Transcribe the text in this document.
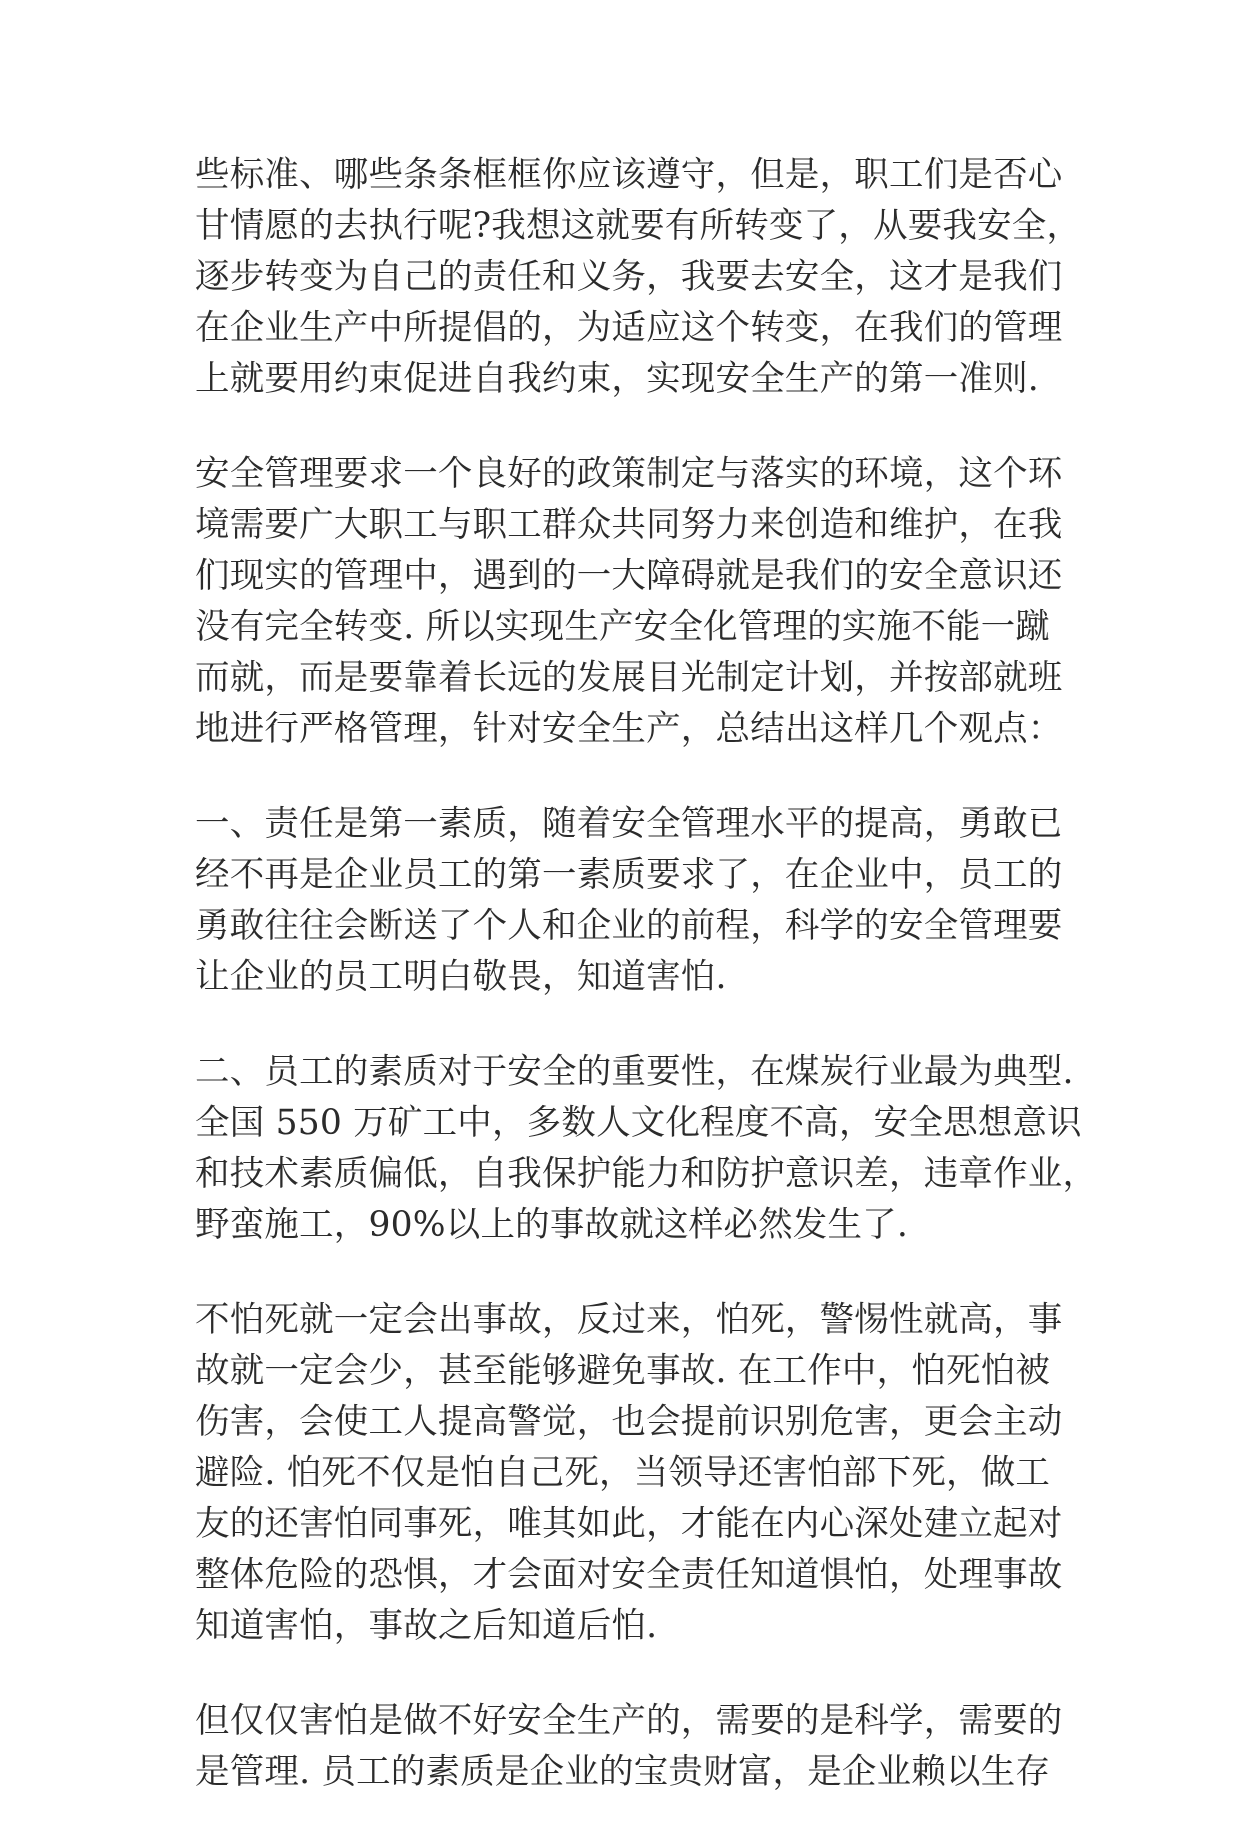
些标准、哪些条条框框你应该遵守，但是，职工们是否心
甘情愿的去执行呢?我想这就要有所转变了，从要我安全，
逐步转变为自己的责任和义务，我要去安全，这才是我们
在企业生产中所提倡的，为适应这个转变，在我们的管理
上就要用约束促进自我约束，实现安全生产的第一准则.
安全管理要求一个良好的政策制定与落实的环境，这个环
境需要广大职工与职工群众共同努力来创造和维护，在我
们现实的管理中，遇到的一大障碍就是我们的安全意识还
没有完全转变. 所以实现生产安全化管理的实施不能一蹴
而就，而是要靠着长远的发展目光制定计划，并按部就班
地进行严格管理，针对安全生产，总结出这样几个观点：
一、责任是第一素质，随着安全管理水平的提高，勇敢已
经不再是企业员工的第一素质要求了，在企业中，员工的
勇敢往往会断送了个人和企业的前程，科学的安全管理要
让企业的员工明白敬畏，知道害怕.
二、员工的素质对于安全的重要性，在煤炭行业最为典型.
全国 550 万矿工中，多数人文化程度不高，安全思想意识
和技术素质偏低，自我保护能力和防护意识差，违章作业，
野蛮施工，90%以上的事故就这样必然发生了.
不怕死就一定会出事故，反过来，怕死，警惕性就高，事
故就一定会少，甚至能够避免事故. 在工作中，怕死怕被
伤害，会使工人提高警觉，也会提前识别危害，更会主动
避险. 怕死不仅是怕自己死，当领导还害怕部下死，做工
友的还害怕同事死，唯其如此，才能在内心深处建立起对
整体危险的恐惧，才会面对安全责任知道惧怕，处理事故
知道害怕，事故之后知道后怕.
但仅仅害怕是做不好安全生产的，需要的是科学，需要的
是管理. 员工的素质是企业的宝贵财富，是企业赖以生存
